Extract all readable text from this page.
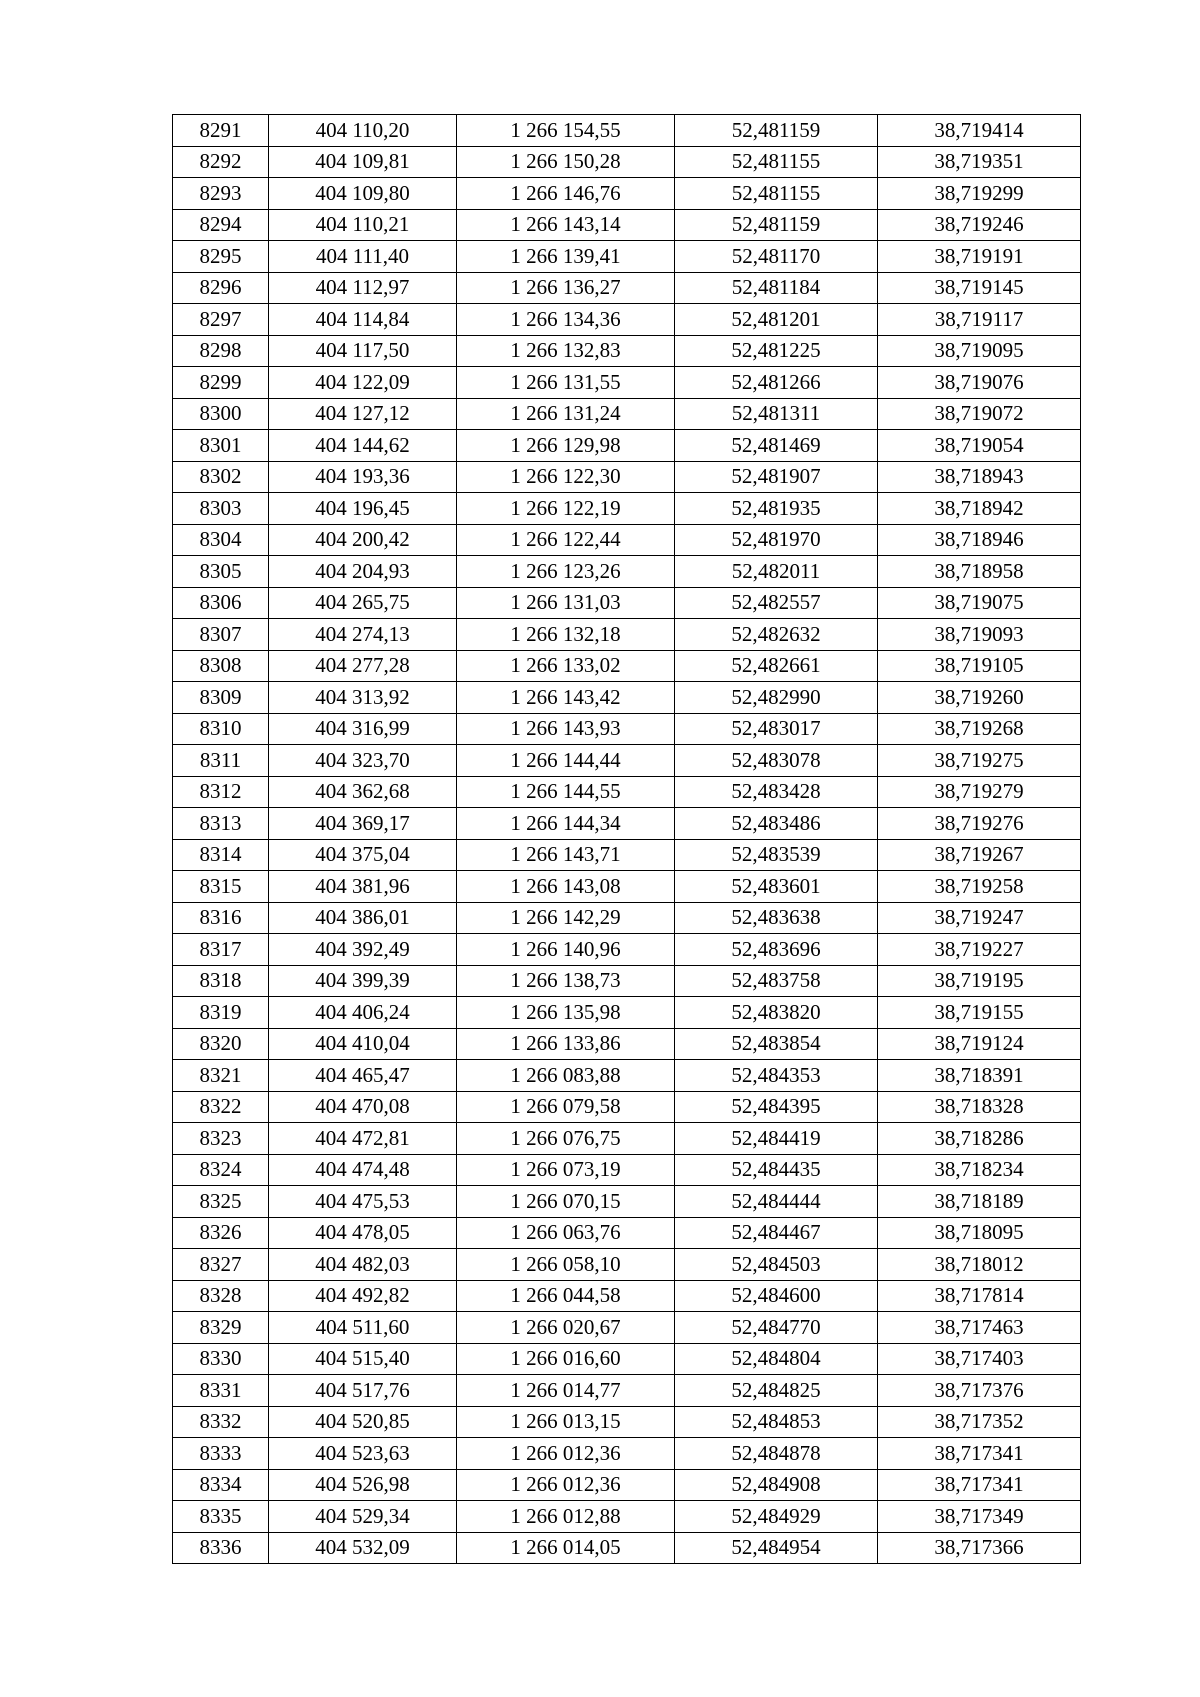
8291	404 110,20	1 266 154,55	52,481159	38,719414
8292	404 109,81	1 266 150,28	52,481155	38,719351
8293	404 109,80	1 266 146,76	52,481155	38,719299
8294	404 110,21	1 266 143,14	52,481159	38,719246
8295	404 111,40	1 266 139,41	52,481170	38,719191
8296	404 112,97	1 266 136,27	52,481184	38,719145
8297	404 114,84	1 266 134,36	52,481201	38,719117
8298	404 117,50	1 266 132,83	52,481225	38,719095
8299	404 122,09	1 266 131,55	52,481266	38,719076
8300	404 127,12	1 266 131,24	52,481311	38,719072
8301	404 144,62	1 266 129,98	52,481469	38,719054
8302	404 193,36	1 266 122,30	52,481907	38,718943
8303	404 196,45	1 266 122,19	52,481935	38,718942
8304	404 200,42	1 266 122,44	52,481970	38,718946
8305	404 204,93	1 266 123,26	52,482011	38,718958
8306	404 265,75	1 266 131,03	52,482557	38,719075
8307	404 274,13	1 266 132,18	52,482632	38,719093
8308	404 277,28	1 266 133,02	52,482661	38,719105
8309	404 313,92	1 266 143,42	52,482990	38,719260
8310	404 316,99	1 266 143,93	52,483017	38,719268
8311	404 323,70	1 266 144,44	52,483078	38,719275
8312	404 362,68	1 266 144,55	52,483428	38,719279
8313	404 369,17	1 266 144,34	52,483486	38,719276
8314	404 375,04	1 266 143,71	52,483539	38,719267
8315	404 381,96	1 266 143,08	52,483601	38,719258
8316	404 386,01	1 266 142,29	52,483638	38,719247
8317	404 392,49	1 266 140,96	52,483696	38,719227
8318	404 399,39	1 266 138,73	52,483758	38,719195
8319	404 406,24	1 266 135,98	52,483820	38,719155
8320	404 410,04	1 266 133,86	52,483854	38,719124
8321	404 465,47	1 266 083,88	52,484353	38,718391
8322	404 470,08	1 266 079,58	52,484395	38,718328
8323	404 472,81	1 266 076,75	52,484419	38,718286
8324	404 474,48	1 266 073,19	52,484435	38,718234
8325	404 475,53	1 266 070,15	52,484444	38,718189
8326	404 478,05	1 266 063,76	52,484467	38,718095
8327	404 482,03	1 266 058,10	52,484503	38,718012
8328	404 492,82	1 266 044,58	52,484600	38,717814
8329	404 511,60	1 266 020,67	52,484770	38,717463
8330	404 515,40	1 266 016,60	52,484804	38,717403
8331	404 517,76	1 266 014,77	52,484825	38,717376
8332	404 520,85	1 266 013,15	52,484853	38,717352
8333	404 523,63	1 266 012,36	52,484878	38,717341
8334	404 526,98	1 266 012,36	52,484908	38,717341
8335	404 529,34	1 266 012,88	52,484929	38,717349
8336	404 532,09	1 266 014,05	52,484954	38,717366
